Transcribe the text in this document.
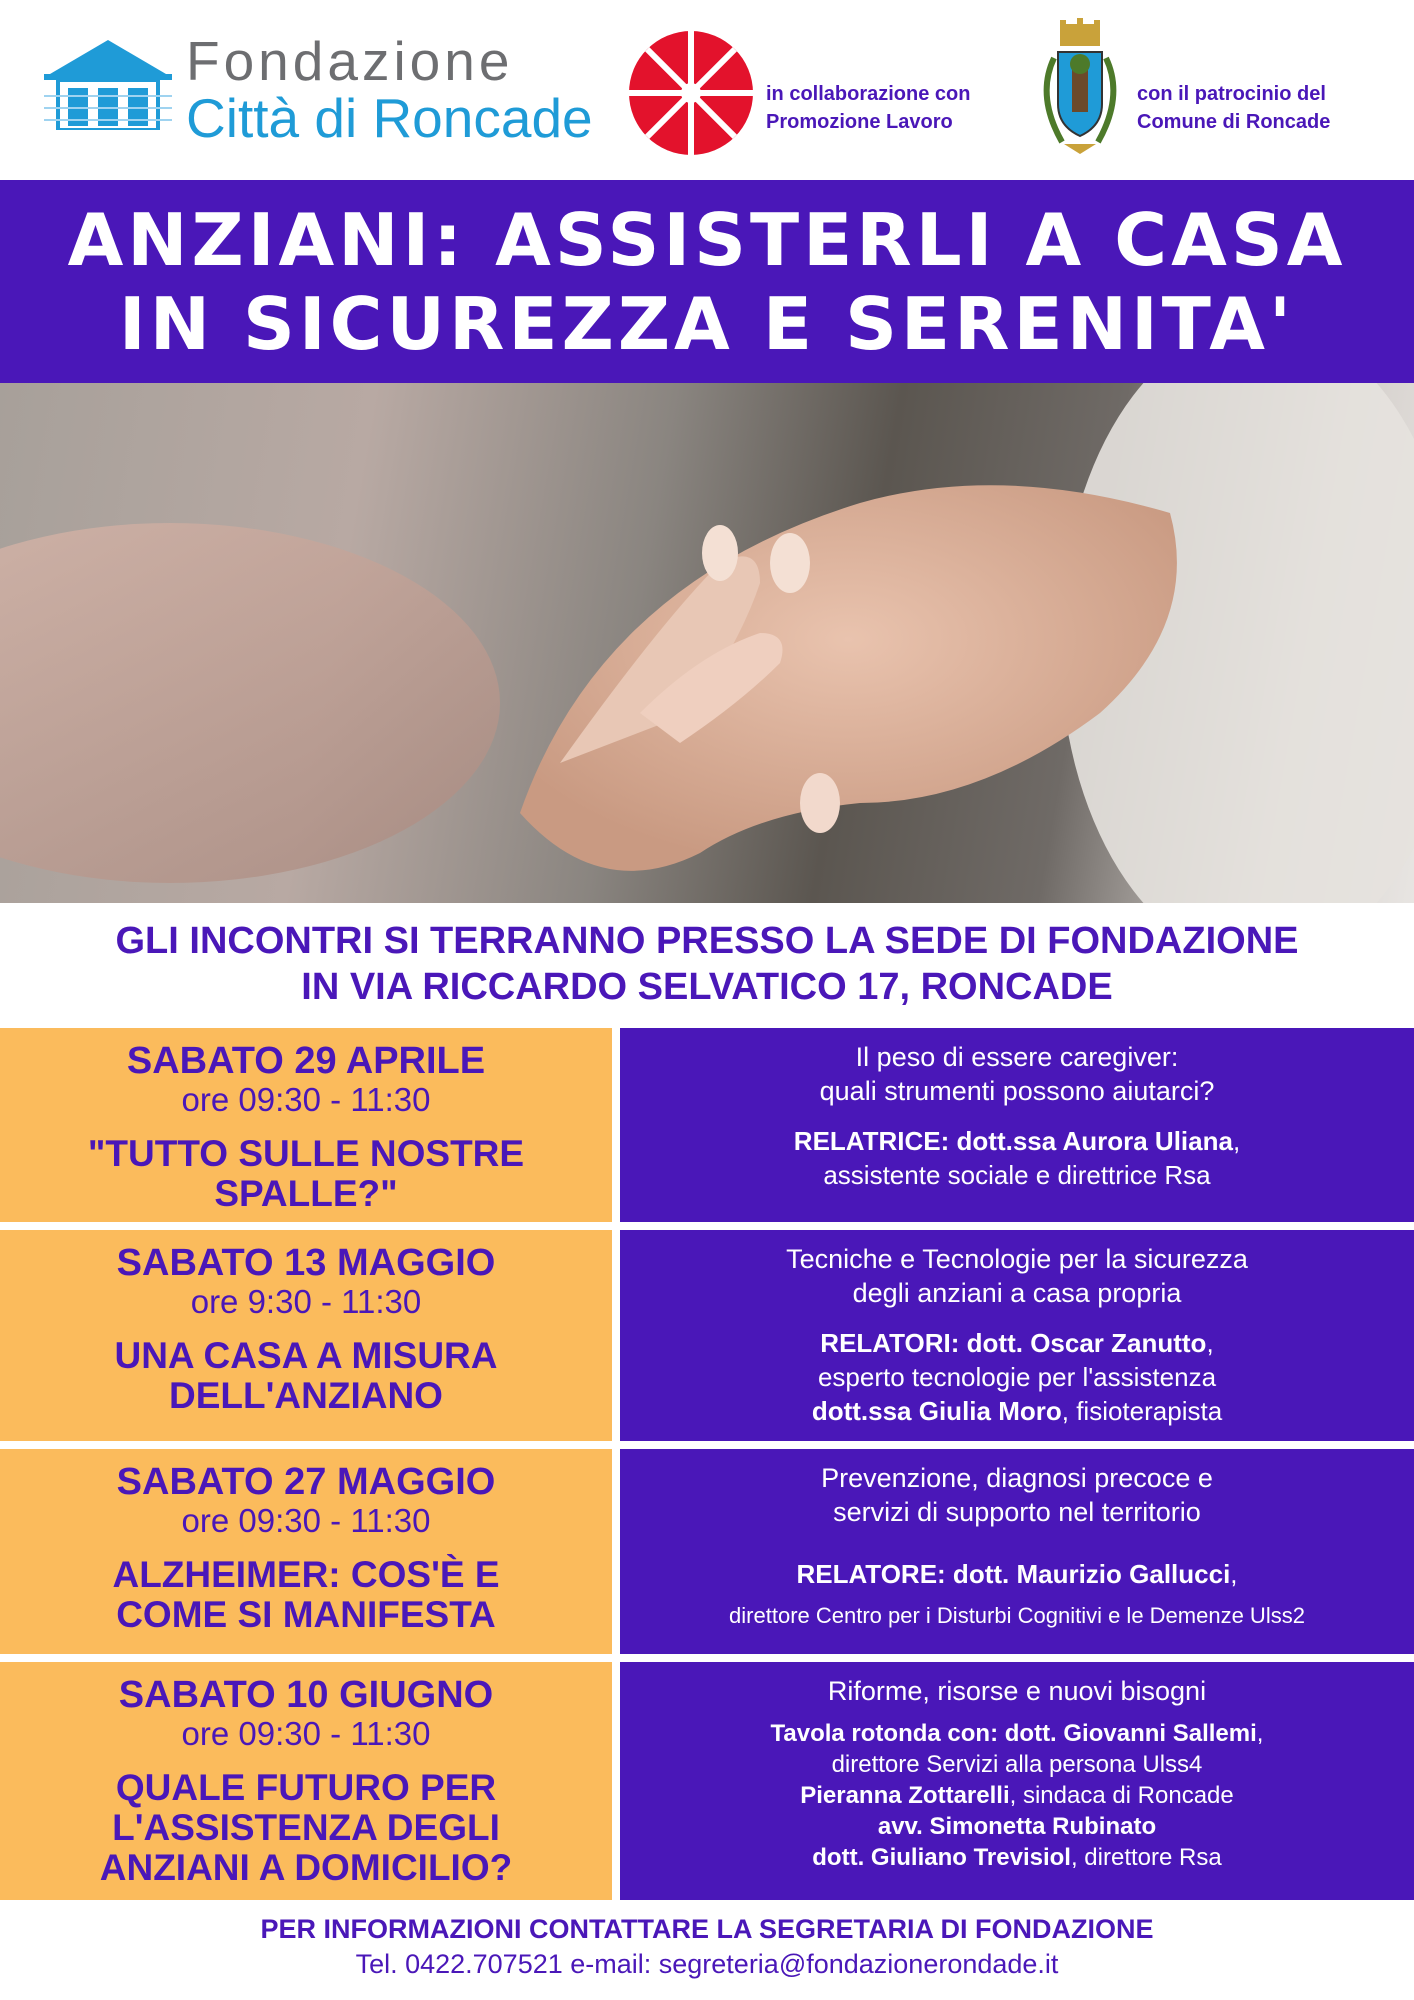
Fondazione
Città di Roncade	in collaborazione con
Promozione Lavoro
con il patrocinio del
Comune di Roncade
ANZIANI: ASSISTERLI A CASA
IN SICUREZZA E SERENITA'
GLI INCONTRI SI TERRANNO PRESSO LA SEDE DI FONDAZIONE
IN VIA RICCARDO SELVATICO 17, RONCADE
SABATO 29 APRILE
ore 09:30 - 11:30
"TUTTO SULLE NOSTRE
SPALLE?"
Il peso di essere caregiver:
quali strumenti possono aiutarci?
RELATRICE: dott.ssa Aurora Uliana,
assistente sociale e direttrice Rsa
SABATO 13 MAGGIO
ore 9:30 - 11:30
UNA CASA A MISURA
DELL'ANZIANO
Tecniche e Tecnologie per la sicurezza
degli anziani a casa propria
RELATORI: dott. Oscar Zanutto,
esperto tecnologie per l'assistenza
dott.ssa Giulia Moro, fisioterapista
SABATO 27 MAGGIO
ore 09:30 - 11:30
ALZHEIMER: COS'È E
COME SI MANIFESTA
Prevenzione, diagnosi precoce e
servizi di supporto nel territorio
RELATORE: dott. Maurizio Gallucci,
direttore Centro per i Disturbi Cognitivi e le Demenze Ulss2
SABATO 10 GIUGNO
ore 09:30 - 11:30
QUALE FUTURO PER
L'ASSISTENZA DEGLI
ANZIANI A DOMICILIO?
Riforme, risorse e nuovi bisogni
Tavola rotonda con: dott. Giovanni Sallemi,
direttore Servizi alla persona Ulss4
Pieranna Zottarelli, sindaca di Roncade
avv. Simonetta Rubinato
dott. Giuliano Trevisiol, direttore Rsa
PER INFORMAZIONI CONTATTARE LA SEGRETARIA DI FONDAZIONE
Tel. 0422.707521 e-mail: segreteria@fondazionerondade.it
